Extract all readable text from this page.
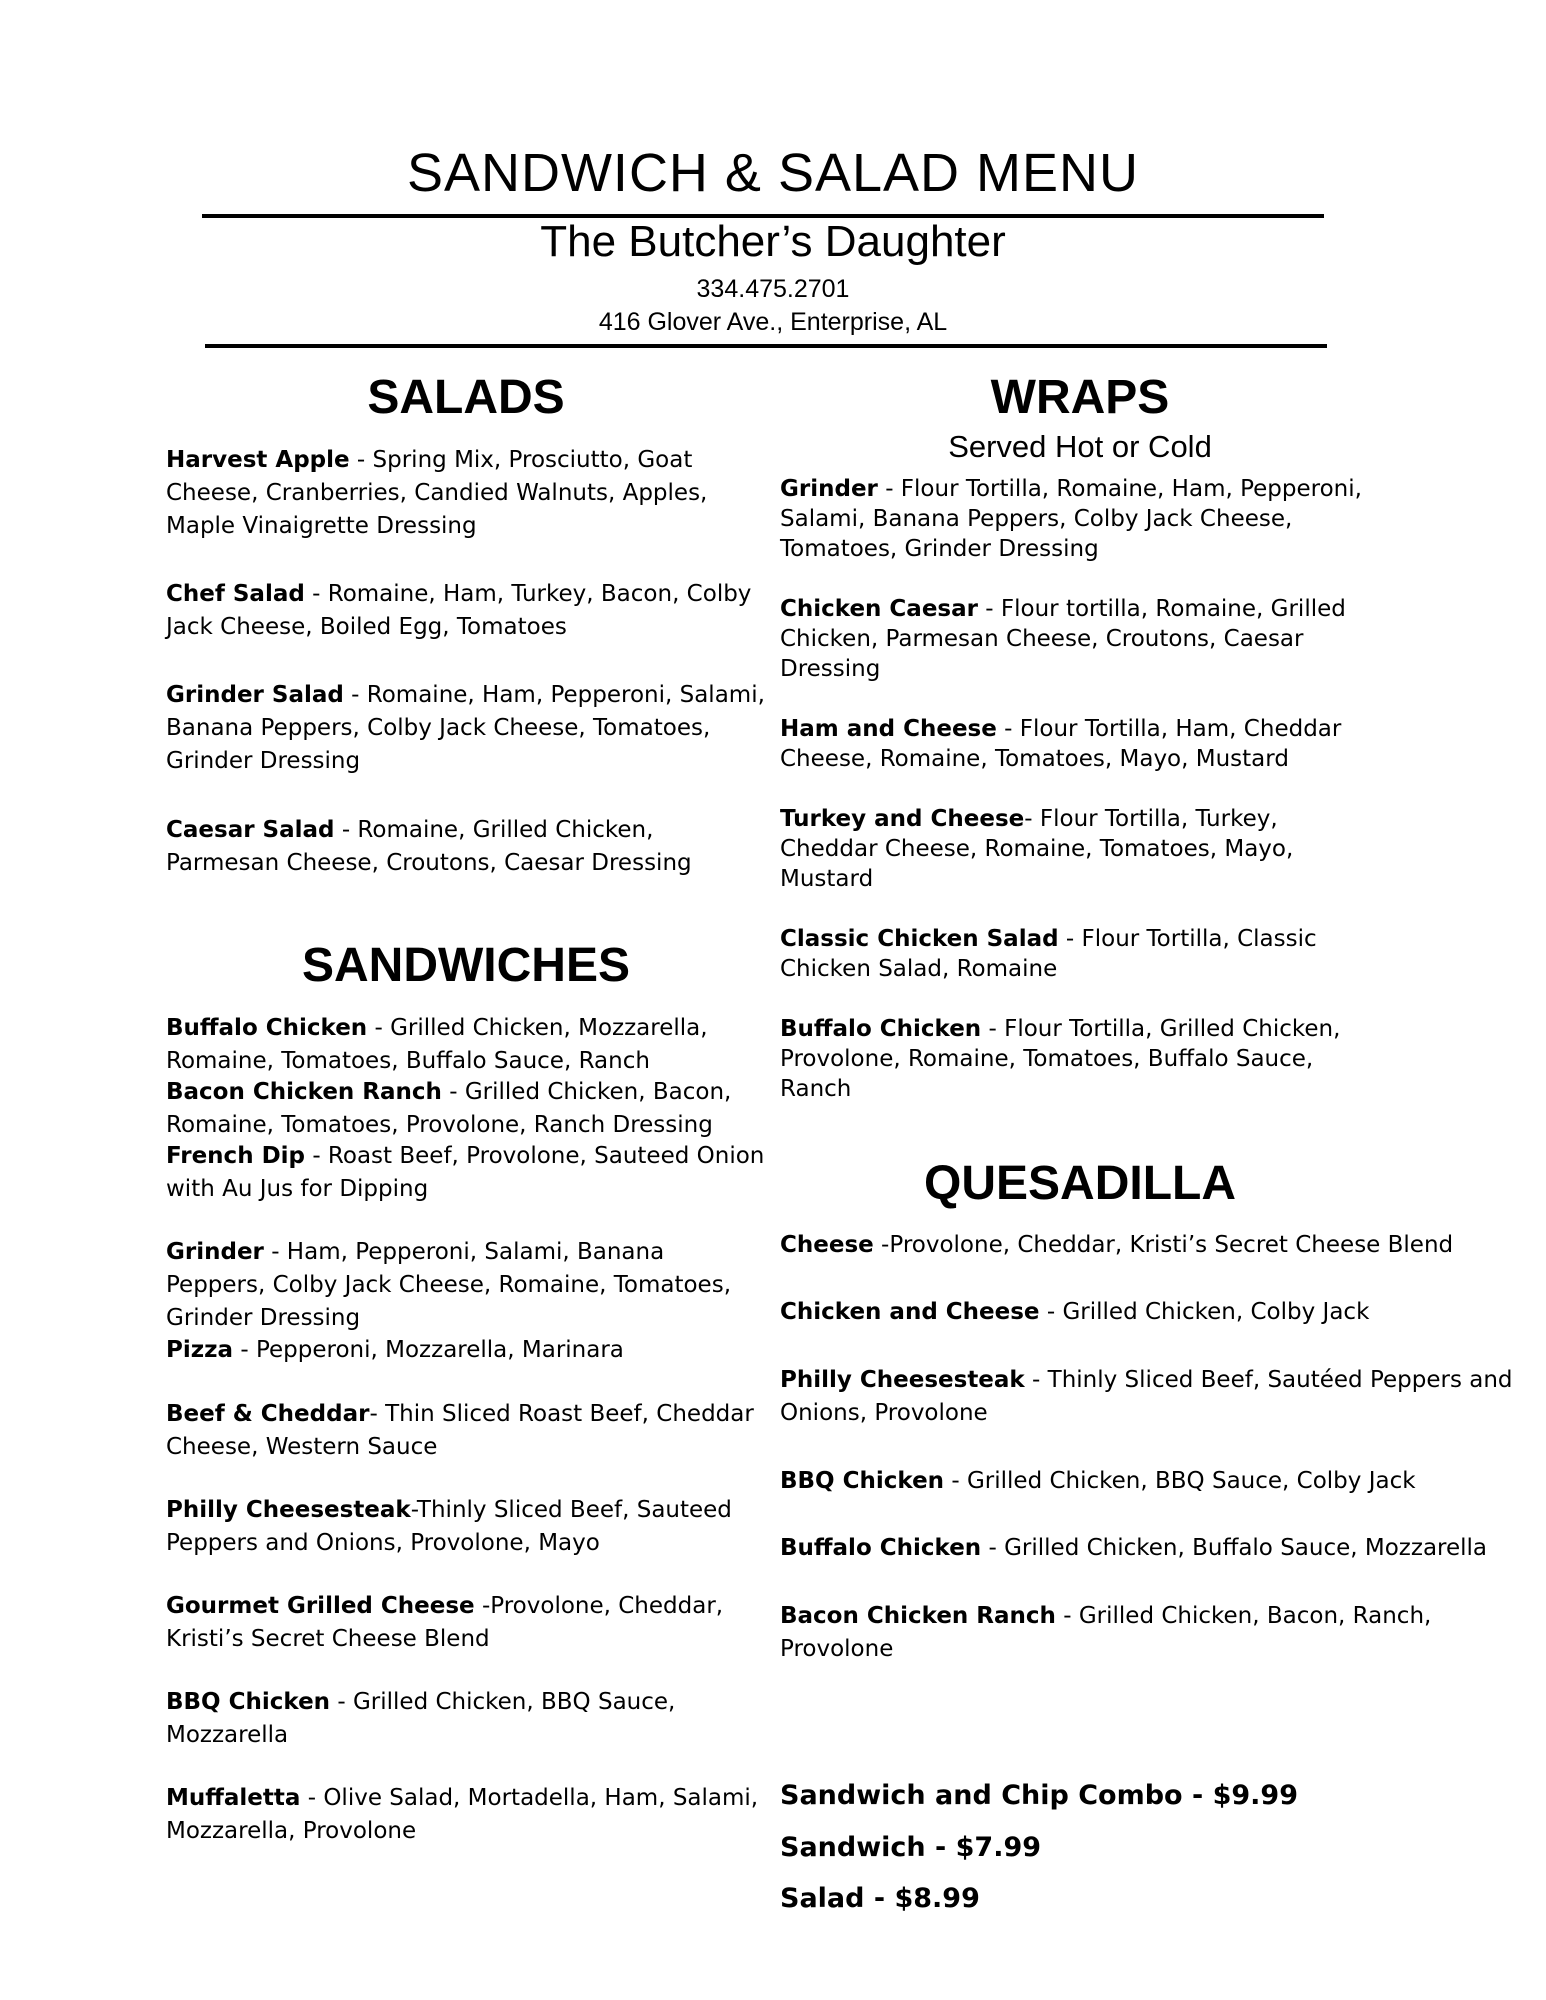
SANDWICH & SALAD MENU
The Butcher’s Daughter
334.475.2701
416 Glover Ave., Enterprise, AL
SALADS

Harvest Apple - Spring Mix, Prosciutto, Goat Cheese, Cranberries, Candied Walnuts, Apples, Maple Vinaigrette Dressing

Chef Salad - Romaine, Ham, Turkey, Bacon, Colby Jack Cheese, Boiled Egg, Tomatoes

Grinder Salad - Romaine, Ham, Pepperoni, Salami, Banana Peppers, Colby Jack Cheese, Tomatoes, Grinder Dressing

Caesar Salad - Romaine, Grilled Chicken, Parmesan Cheese, Croutons, Caesar Dressing

SANDWICHES

Buffalo Chicken - Grilled Chicken, Mozzarella, Romaine, Tomatoes, Buffalo Sauce, Ranch

Bacon Chicken Ranch - Grilled Chicken, Bacon, Romaine, Tomatoes, Provolone, Ranch Dressing

French Dip - Roast Beef, Provolone, Sauteed Onion with Au Jus for Dipping

Grinder - Ham, Pepperoni, Salami, Banana Peppers, Colby Jack Cheese, Romaine, Tomatoes, Grinder Dressing

Pizza - Pepperoni, Mozzarella, Marinara

Beef & Cheddar- Thin Sliced Roast Beef, Cheddar Cheese, Western Sauce

Philly Cheesesteak-Thinly Sliced Beef, Sauteed Peppers and Onions, Provolone, Mayo

Gourmet Grilled Cheese -Provolone, Cheddar, Kristi’s Secret Cheese Blend

BBQ Chicken - Grilled Chicken, BBQ Sauce, Mozzarella

Muffaletta - Olive Salad, Mortadella, Ham, Salami, Mozzarella, Provolone

WRAPS

Served Hot or Cold

Grinder - Flour Tortilla, Romaine, Ham, Pepperoni, Salami, Banana Peppers, Colby Jack Cheese, Tomatoes, Grinder Dressing

Chicken Caesar - Flour tortilla, Romaine, Grilled Chicken, Parmesan Cheese, Croutons, Caesar Dressing

Ham and Cheese - Flour Tortilla, Ham, Cheddar Cheese, Romaine, Tomatoes, Mayo, Mustard

Turkey and Cheese- Flour Tortilla, Turkey, Cheddar Cheese, Romaine, Tomatoes, Mayo, Mustard

Classic Chicken Salad - Flour Tortilla, Classic Chicken Salad, Romaine

Buffalo Chicken - Flour Tortilla, Grilled Chicken, Provolone, Romaine, Tomatoes, Buffalo Sauce, Ranch

QUESADILLA

Cheese -Provolone, Cheddar, Kristi’s Secret Cheese Blend

Chicken and Cheese - Grilled Chicken, Colby Jack

Philly Cheesesteak - Thinly Sliced Beef, Sautéed Peppers and Onions, Provolone

BBQ Chicken - Grilled Chicken, BBQ Sauce, Colby Jack

Buffalo Chicken - Grilled Chicken, Buffalo Sauce, Mozzarella

Bacon Chicken Ranch - Grilled Chicken, Bacon, Ranch, Provolone

Sandwich and Chip Combo - $9.99
Sandwich - $7.99
Salad - $8.99
